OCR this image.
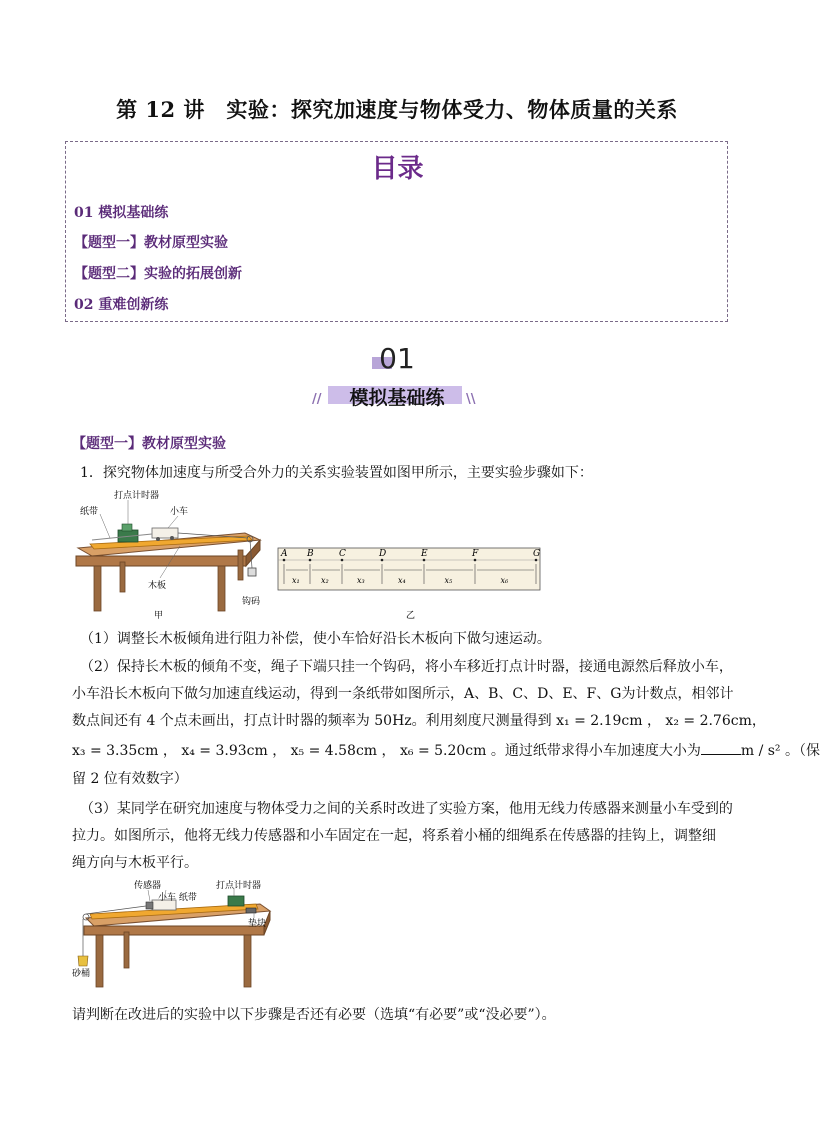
第 12 讲　实验：探究加速度与物体受力、物体质量的关系
目录
01 模拟基础练
【题型一】教材原型实验
【题型二】实验的拓展创新
02 重难创新练
01
//	\\
模拟基础练
【题型一】教材原型实验
1．探究物体加速度与所受合外力的关系实验装置如图甲所示，主要实验步骤如下：
打点计时器
纸带	小车
木板
钩码
甲	乙
A B	C	D	E	F	G
x₁	x₂	x₃	x₄	x₅	x₆
（1）调整长木板倾角进行阻力补偿，使小车恰好沿长木板向下做匀速运动。
（2）保持长木板的倾角不变，绳子下端只挂一个钩码，将小车移近打点计时器，接通电源然后释放小车，
小车沿长木板向下做匀加速直线运动，得到一条纸带如图所示，A、B、C、D、E、F、G为计数点，相邻计
数点间还有 4 个点未画出，打点计时器的频率为 50Hz。利用刻度尺测量得到 x₁ = 2.19cm ， x₂ = 2.76cm，
x₃ = 3.35cm ， x₄ = 3.93cm ， x₅ = 4.58cm ， x₆ = 5.20cm 。通过纸带求得小车加速度大小为	m / s² 。（保
留 2 位有效数字）
（3）某同学在研究加速度与物体受力之间的关系时改进了实验方案，他用无线力传感器来测量小车受到的
拉力。如图所示，他将无线力传感器和小车固定在一起，将系着小桶的细绳系在传感器的挂钩上，调整细
绳方向与木板平行。
传感器
小车 纸带
打点计时器
垫块
砂桶
请判断在改进后的实验中以下步骤是否还有必要（选填“有必要”或“没必要”）。
